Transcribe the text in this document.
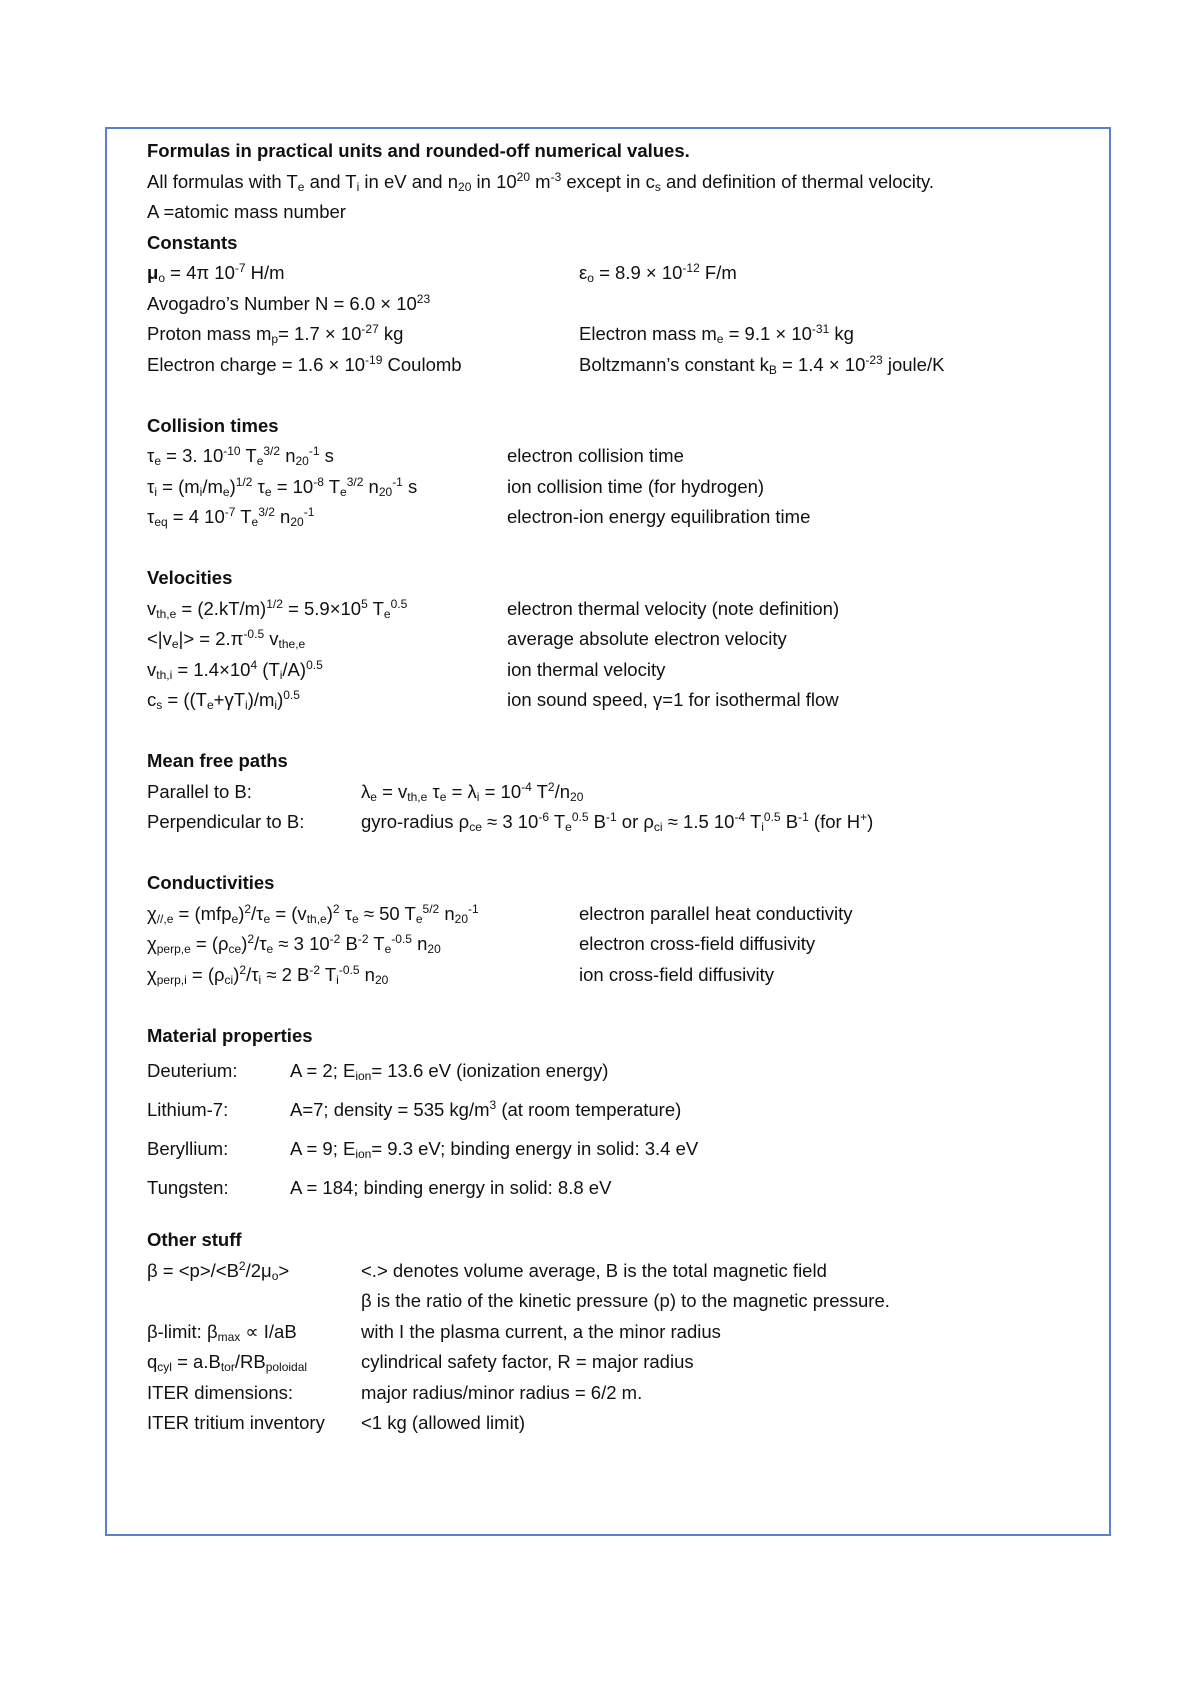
Formulas in practical units and rounded-off numerical values.
All formulas with $T_e$ and $T_i$ in eV and $n_{20}$ in $10^{20}$ $m^{-3}$ except in $c_s$ and definition of thermal velocity.
A =atomic mass number
Constants
$\mu_o = 4\pi$ $10^{-7}$ H/m	$\varepsilon_o = 8.9 \times 10^{-12}$ F/m
Avogadro’s Number $N = 6.0 \times 10^{23}$
Proton mass $m_p= 1.7 \times 10^{-27}$ kg	Electron mass $m_e = 9.1 \times 10^{-31}$ kg
Electron charge = $1.6 \times 10^{-19}$ Coulomb	Boltzmann’s constant $k_B = 1.4 \times 10^{-23}$ joule/K
Collision times
$\tau_e = 3$. $10^{-10}$ $T_e^{3/2}$ $n_{20}^{-1}$ s	electron collision time
$\tau_i = (m_i/m_e)^{1/2}$ $\tau_e = 10^{-8}$ $T_e^{3/2}$ $n_{20}^{-1}$ s	ion collision time (for hydrogen)
$\tau_{eq} = 4$ $10^{-7}$ $T_e^{3/2}$ $n_{20}^{-1}$	electron-ion energy equilibration time
Velocities
$v_{th,e} = (2.kT/m)^{1/2} = 5.9\times 10^5$ $T_e^{0.5}$	electron thermal velocity (note definition)
$<|v_e|> = 2.\pi^{-0.5}$ $v_{the,e}$	average absolute electron velocity
$v_{th,i} = 1.4\times 10^4$ $(T_i/A)^{0.5}$	ion thermal velocity
$c_s = ((T_e+\gamma T_i)/m_i)^{0.5}$	ion sound speed, γ=1 for isothermal flow
Mean free paths
Parallel to B:	$\lambda_e = v_{th,e}$ $\tau_e = \lambda_i = 10^{-4}$ $T^2/n_{20}$
Perpendicular to B:	gyro-radius $\rho_{ce} \approx 3$ $10^{-6}$ $T_e^{0.5}$ $B^{-1}$ or $\rho_{ci} \approx 1.5$ $10^{-4}$ $T_i^{0.5}$ $B^{-1}$ (for H+)
Conductivities
$\chi_{//,e} = (mfp_e)^2/\tau_e = (v_{th,e})^2$ $\tau_e \approx 50$ $T_e^{5/2}$ $n_{20}^{-1}$	electron parallel heat conductivity
$\chi_{perp,e} = (\rho_{ce})^2/\tau_e \approx 3$ $10^{-2}$ $B^{-2}$ $T_e^{-0.5}$ $n_{20}$	electron cross-field diffusivity
$\chi_{perp,i} = (\rho_{ci})^2/\tau_i \approx 2$ $B^{-2}$ $T_i^{-0.5}$ $n_{20}$	ion cross-field diffusivity
Material properties
Deuterium:	A = 2; $E_{ion}= 13.6$ eV (ionization energy)
Lithium-7:	A=7; density = 535 $kg/m^3$ (at room temperature)
Beryllium:	A = 9; $E_{ion}= 9.3$ eV; binding energy in solid: 3.4 eV
Tungsten:	A = 184; binding energy in solid: 8.8 eV
Other stuff
$\beta = <p>/<B^2/2\mu_o>$	<.> denotes volume average, B is the total magnetic field
β is the ratio of the kinetic pressure (p) to the magnetic pressure.
β-limit: $\beta_{max} \propto I/aB$	with I the plasma current, a the minor radius
$q_{cyl} = a.B_{tor}/RB_{poloidal}$	cylindrical safety factor, R = major radius
ITER dimensions:	major radius/minor radius = 6/2 m.
ITER tritium inventory <1 kg (allowed limit)
